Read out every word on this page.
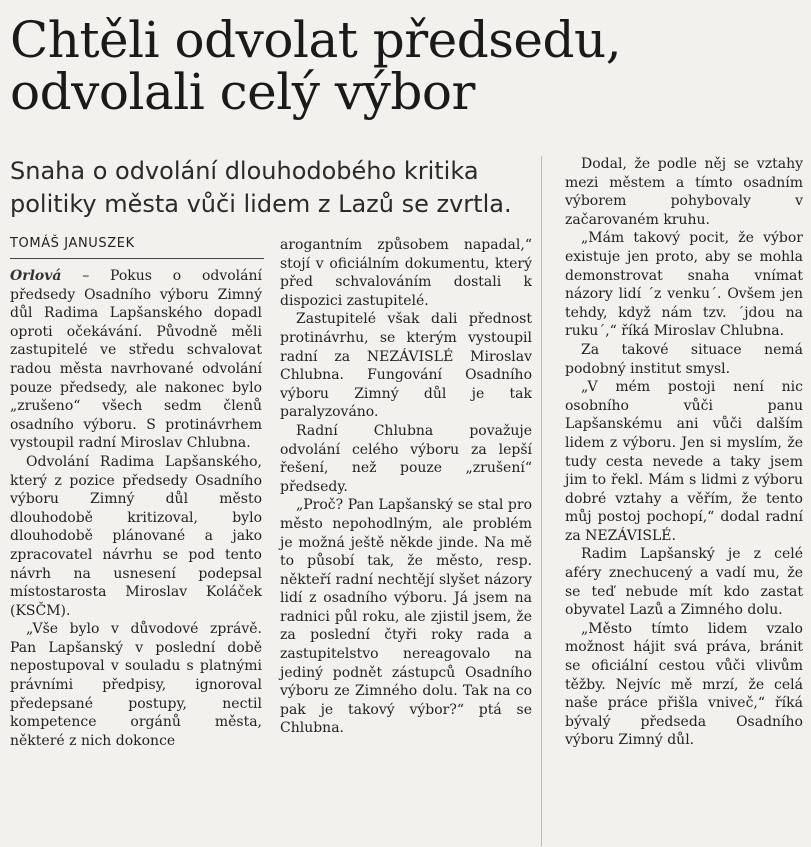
Chtěli odvolat předsedu,
odvolali celý výbor
Snaha o odvolání dlouhodobého kritika
politiky města vůči lidem z Lazů se zvrtla.
TOMÁŠ JANUSZEK

Orlová – Pokus o odvolání předsedy Osadního výboru Zimný důl Radima Lapšanského dopadl oproti očekávání. Původně měli zastupitelé ve středu schvalovat radou města navrhované odvolání pouze předsedy, ale nakonec bylo „zrušeno“ všech sedm členů osadního výboru. S protinávrhem vystoupil radní Miroslav Chlubna.

Odvolání Radima Lapšanského, který z pozice předsedy Osadního výboru Zimný důl město dlouhodobě kritizoval, bylo dlouhodobě plánované a jako zpracovatel návrhu se pod tento návrh na usnesení podepsal místostarosta Miroslav Koláček (KSČM).

„Vše bylo v důvodové zprávě. Pan Lapšanský v poslední době nepostupoval v souladu s platnými právními předpisy, ignoroval předepsané postupy, nectil kompetence orgánů města, některé z nich dokonce

arogantním způsobem napadal,“ stojí v oficiálním dokumentu, který před schvalováním dostali k dispozici zastupitelé.

Zastupitelé však dali přednost protinávrhu, se kterým vystoupil radní za NEZÁVISLÉ Miroslav Chlubna. Fungování Osadního výboru Zimný důl je tak paralyzováno.

Radní Chlubna považuje odvolání celého výboru za lepší řešení, než pouze „zrušení“ předsedy.

„Proč? Pan Lapšanský se stal pro město nepohodlným, ale problém je možná ještě někde jinde. Na mě to působí tak, že město, resp. někteří radní nechtějí slyšet názory lidí z osadního výboru. Já jsem na radnici půl roku, ale zjistil jsem, že za poslední čtyři roky rada a zastupitelstvo nereagovalo na jediný podnět zástupců Osadního výboru ze Zimného dolu. Tak na co pak je takový výbor?“ ptá se Chlubna.

Dodal, že podle něj se vztahy mezi městem a tímto osadním výborem pohybovaly v začarovaném kruhu.

„Mám takový pocit, že výbor existuje jen proto, aby se mohla demonstrovat snaha vnímat názory lidí ´z venku´. Ovšem jen tehdy, když nám tzv. ´jdou na ruku´,“ říká Miroslav Chlubna.

Za takové situace nemá podobný institut smysl.

„V mém postoji není nic osobního vůči panu Lapšanskému ani vůči dalším lidem z výboru. Jen si myslím, že tudy cesta nevede a taky jsem jim to řekl. Mám s lidmi z výboru dobré vztahy a věřím, že tento můj postoj pochopí,“ dodal radní za NEZÁVISLÉ.

Radim Lapšanský je z celé aféry znechucený a vadí mu, že se teď nebude mít kdo zastat obyvatel Lazů a Zimného dolu.

„Město tímto lidem vzalo možnost hájit svá práva, bránit se oficiální cestou vůči vlivům těžby. Nejvíc mě mrzí, že celá naše práce přišla vniveč,“ říká bývalý předseda Osadního výboru Zimný důl.
